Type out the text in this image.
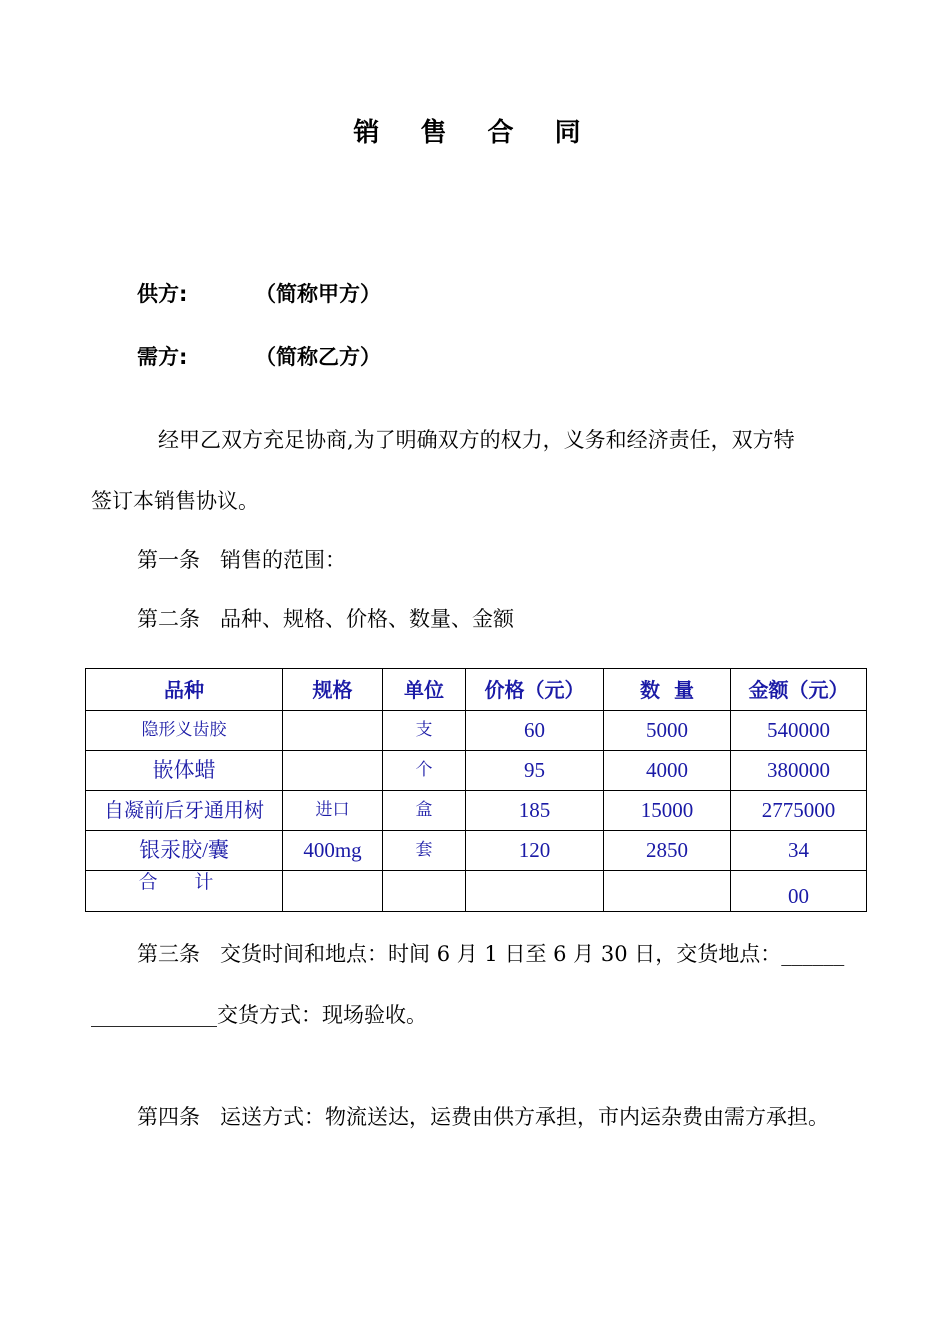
销 售 合 同
供方:	（简称甲方）
需方:	（简称乙方）
经甲乙双方充足协商,为了明确双方的权力，义务和经济责任，双方特
签订本销售协议。
第一条   销售的范围：
第二条   品种、规格、价格、数量、金额
品种	规格	单位	价格（元）	数  量	金额（元）
隐形义齿胶		支	60	5000	540000
嵌体蜡		个	95	4000	380000
自凝前后牙通用树	进口	盒	185	15000	2775000
银汞胶/囊	400mg	套	120	2850	34
合 计					00
第三条   交货时间和地点：时间 6 月 1 日至 6 月 30 日，交货地点：______
____________交货方式：现场验收。
第四条   运送方式：物流送达，运费由供方承担，市内运杂费由需方承担。
